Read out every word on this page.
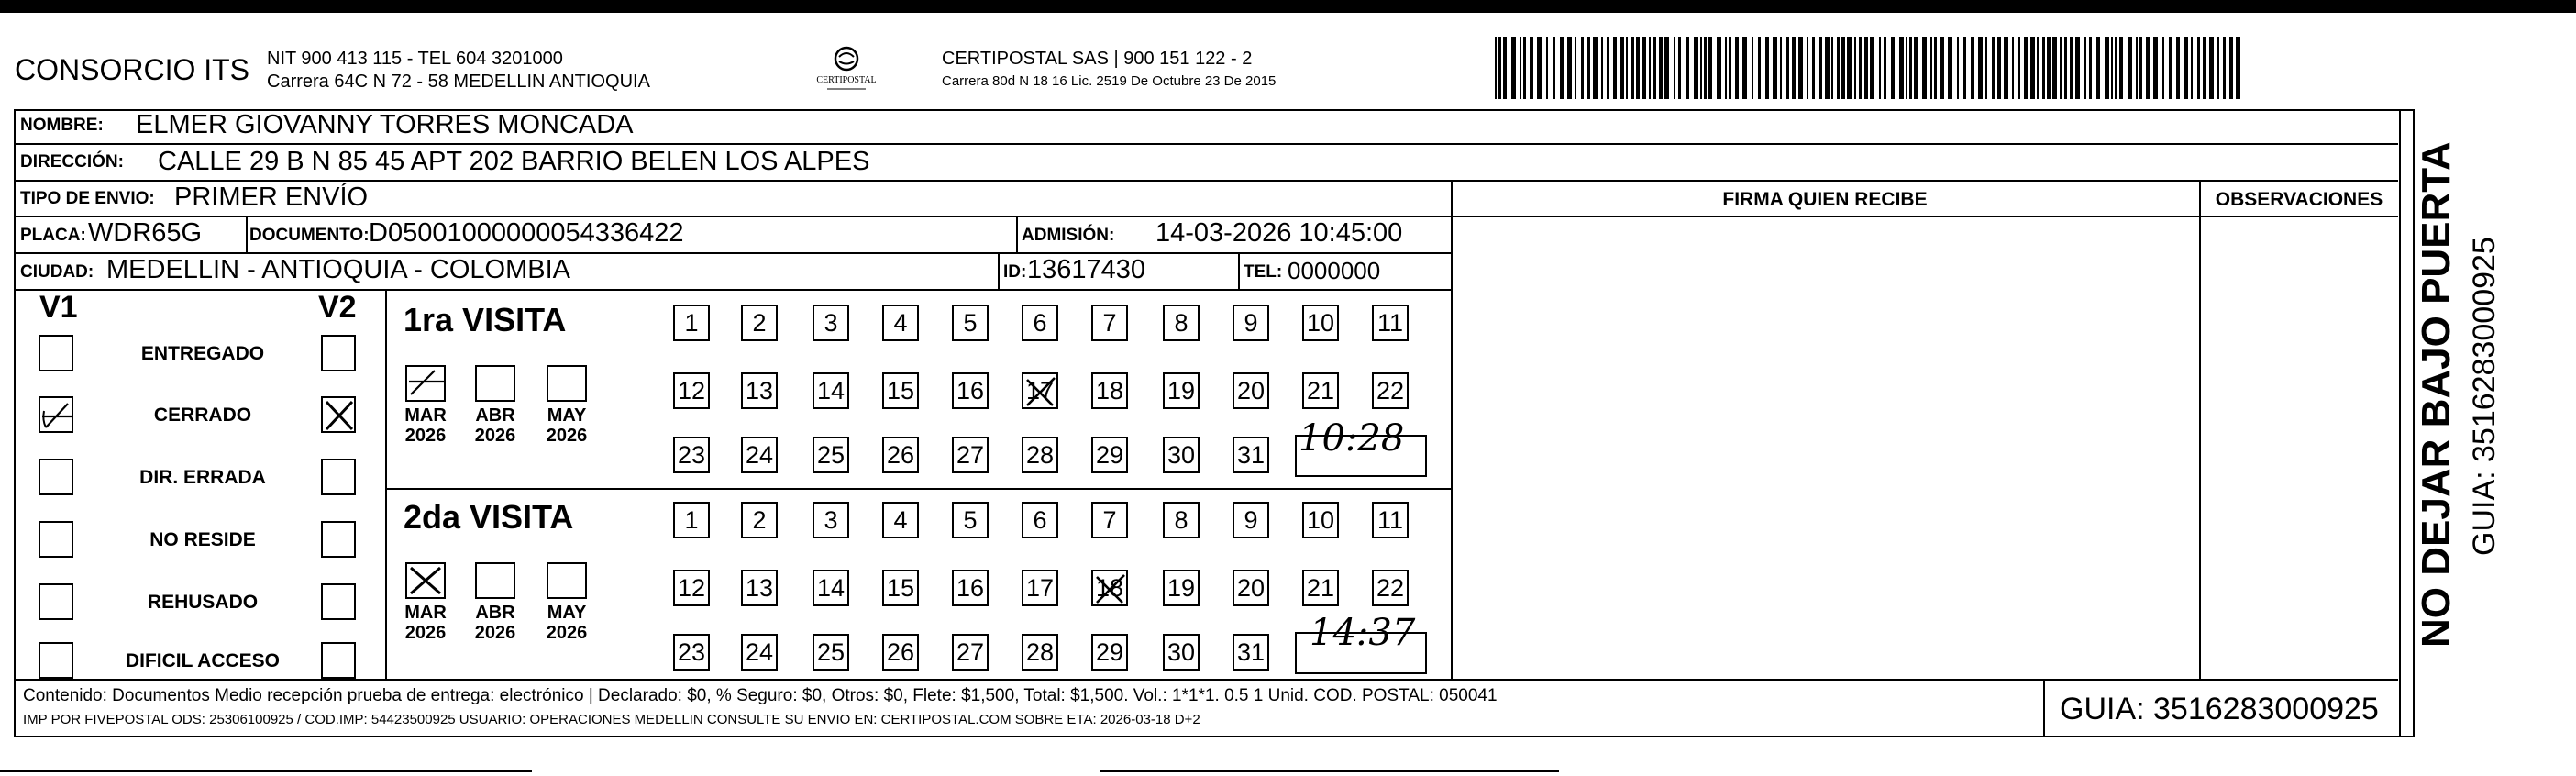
CONSORCIO ITS NIT 900 413 115 - TEL 604 3201000
Carrera 64C N 72 - 58 MEDELLIN ANTIOQUIA	CERTIPOSTAL
CERTIPOSTAL SAS | 900 151 122 - 2
Carrera 80d N 18 16 Lic. 2519 De Octubre 23 De 2015
NOMBRE: ELMER GIOVANNY TORRES MONCADA
DIRECCIÓN: CALLE 29 B N 85 45 APT 202 BARRIO BELEN LOS ALPES
TIPO DE ENVIO: PRIMER ENVÍO	FIRMA QUIEN RECIBE	OBSERVACIONES
PLACA: WDR65G	DOCUMENTO: D05001000000054336422	ADMISIÓN: 14-03-2026 10:45:00
CIUDAD: MEDELLIN - ANTIOQUIA - COLOMBIA	ID: 13617430	TEL: 0000000
V1	V2
ENTREGADO
CERRADO
DIR. ERRADA
NO RESIDE
REHUSADO
DIFICIL ACCESO
1ra VISITA
MAR
2026
ABR
2026
MAY
2026
1	2	3	4	5	6	7	8	9	10 11
12 13 14 15 16 17 18 19 20 21 22
23 24 25 26 27 28 29 30 31
2da VISITA
MAR
2026
ABR
2026
MAY
2026
1	2	3	4	5	6	7	8	9	10 11
12 13 14 15 16 17 18 19 20 21 22
23 24 25 26 27 28 29 30 31
10:28
14:37	NO DEJAR BAJO PUERTA GUIA: 3516283000925
Contenido: Documentos Medio recepción prueba de entrega: electrónico | Declarado: $0, % Seguro: $0, Otros: $0, Flete: $1,500, Total: $1,500. Vol.: 1*1*1. 0.5 1 Unid. COD. POSTAL: 050041
IMP POR FIVEPOSTAL ODS: 25306100925 / COD.IMP: 54423500925 USUARIO: OPERACIONES MEDELLIN CONSULTE SU ENVIO EN: CERTIPOSTAL.COM SOBRE ETA: 2026-03-18 D+2	GUIA: 3516283000925
